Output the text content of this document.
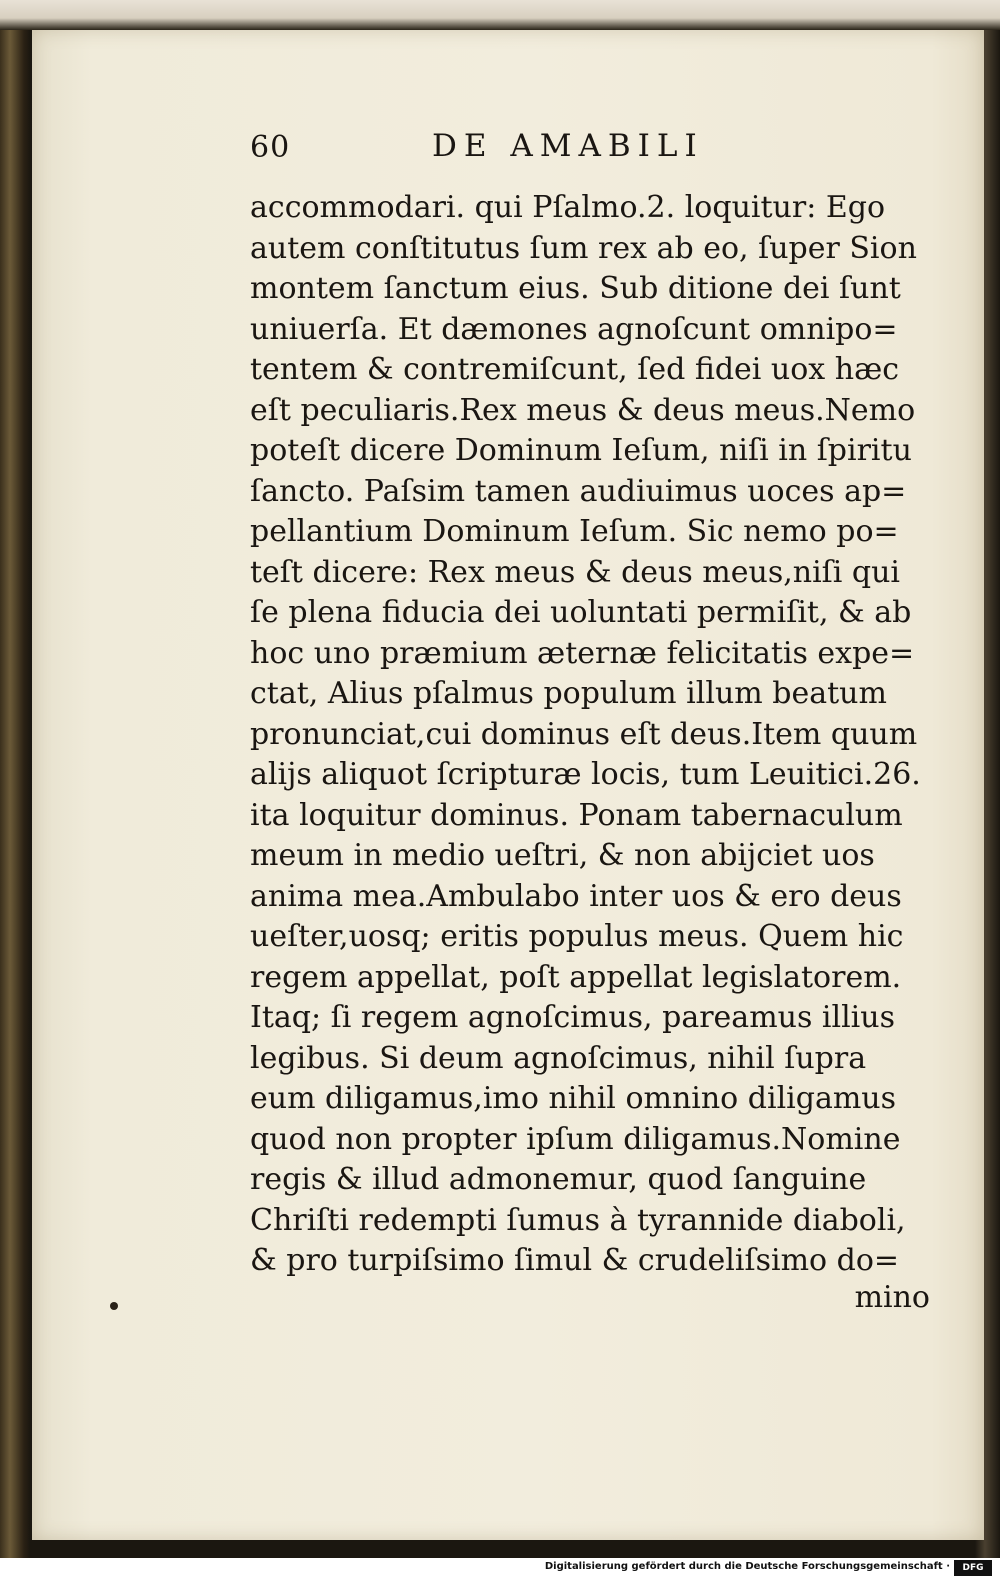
60	DE AMABILI
accommodari. qui Pſalmo.2. loquitur: Ego
autem conſtitutus ſum rex ab eo, ſuper Sion
montem ſanctum eius. Sub ditione dei ſunt
uniuerſa. Et dæmones agnoſcunt omnipo=
tentem & contremiſcunt, ſed fidei uox hæc
eſt peculiaris.Rex meus & deus meus.Nemo
poteſt dicere Dominum Ieſum, niſi in ſpiritu
ſancto. Paſsim tamen audiuimus uoces ap=
pellantium Dominum Ieſum. Sic nemo po=
teſt dicere: Rex meus & deus meus,niſi qui
ſe plena fiducia dei uoluntati permiſit, & ab
hoc uno præmium æternæ felicitatis expe=
ctat, Alius pſalmus populum illum beatum
pronunciat,cui dominus eſt deus.Item quum
alijs aliquot ſcripturæ locis, tum Leuitici.26.
ita loquitur dominus. Ponam tabernaculum
meum in medio ueſtri, & non abijciet uos
anima mea.Ambulabo inter uos & ero deus
ueſter,uosq; eritis populus meus. Quem hic
regem appellat, poſt appellat legislatorem.
Itaq; ſi regem agnoſcimus, pareamus illius
legibus. Si deum agnoſcimus, nihil ſupra
eum diligamus,imo nihil omnino diligamus
quod non propter ipſum diligamus.Nomine
regis & illud admonemur, quod ſanguine
Chriſti redempti ſumus à tyrannide diaboli,
& pro turpiſsimo ſimul & crudeliſsimo do=
mino
Digitalisierung gefördert durch die Deutsche Forschungsgemeinschaft ·	DFG
